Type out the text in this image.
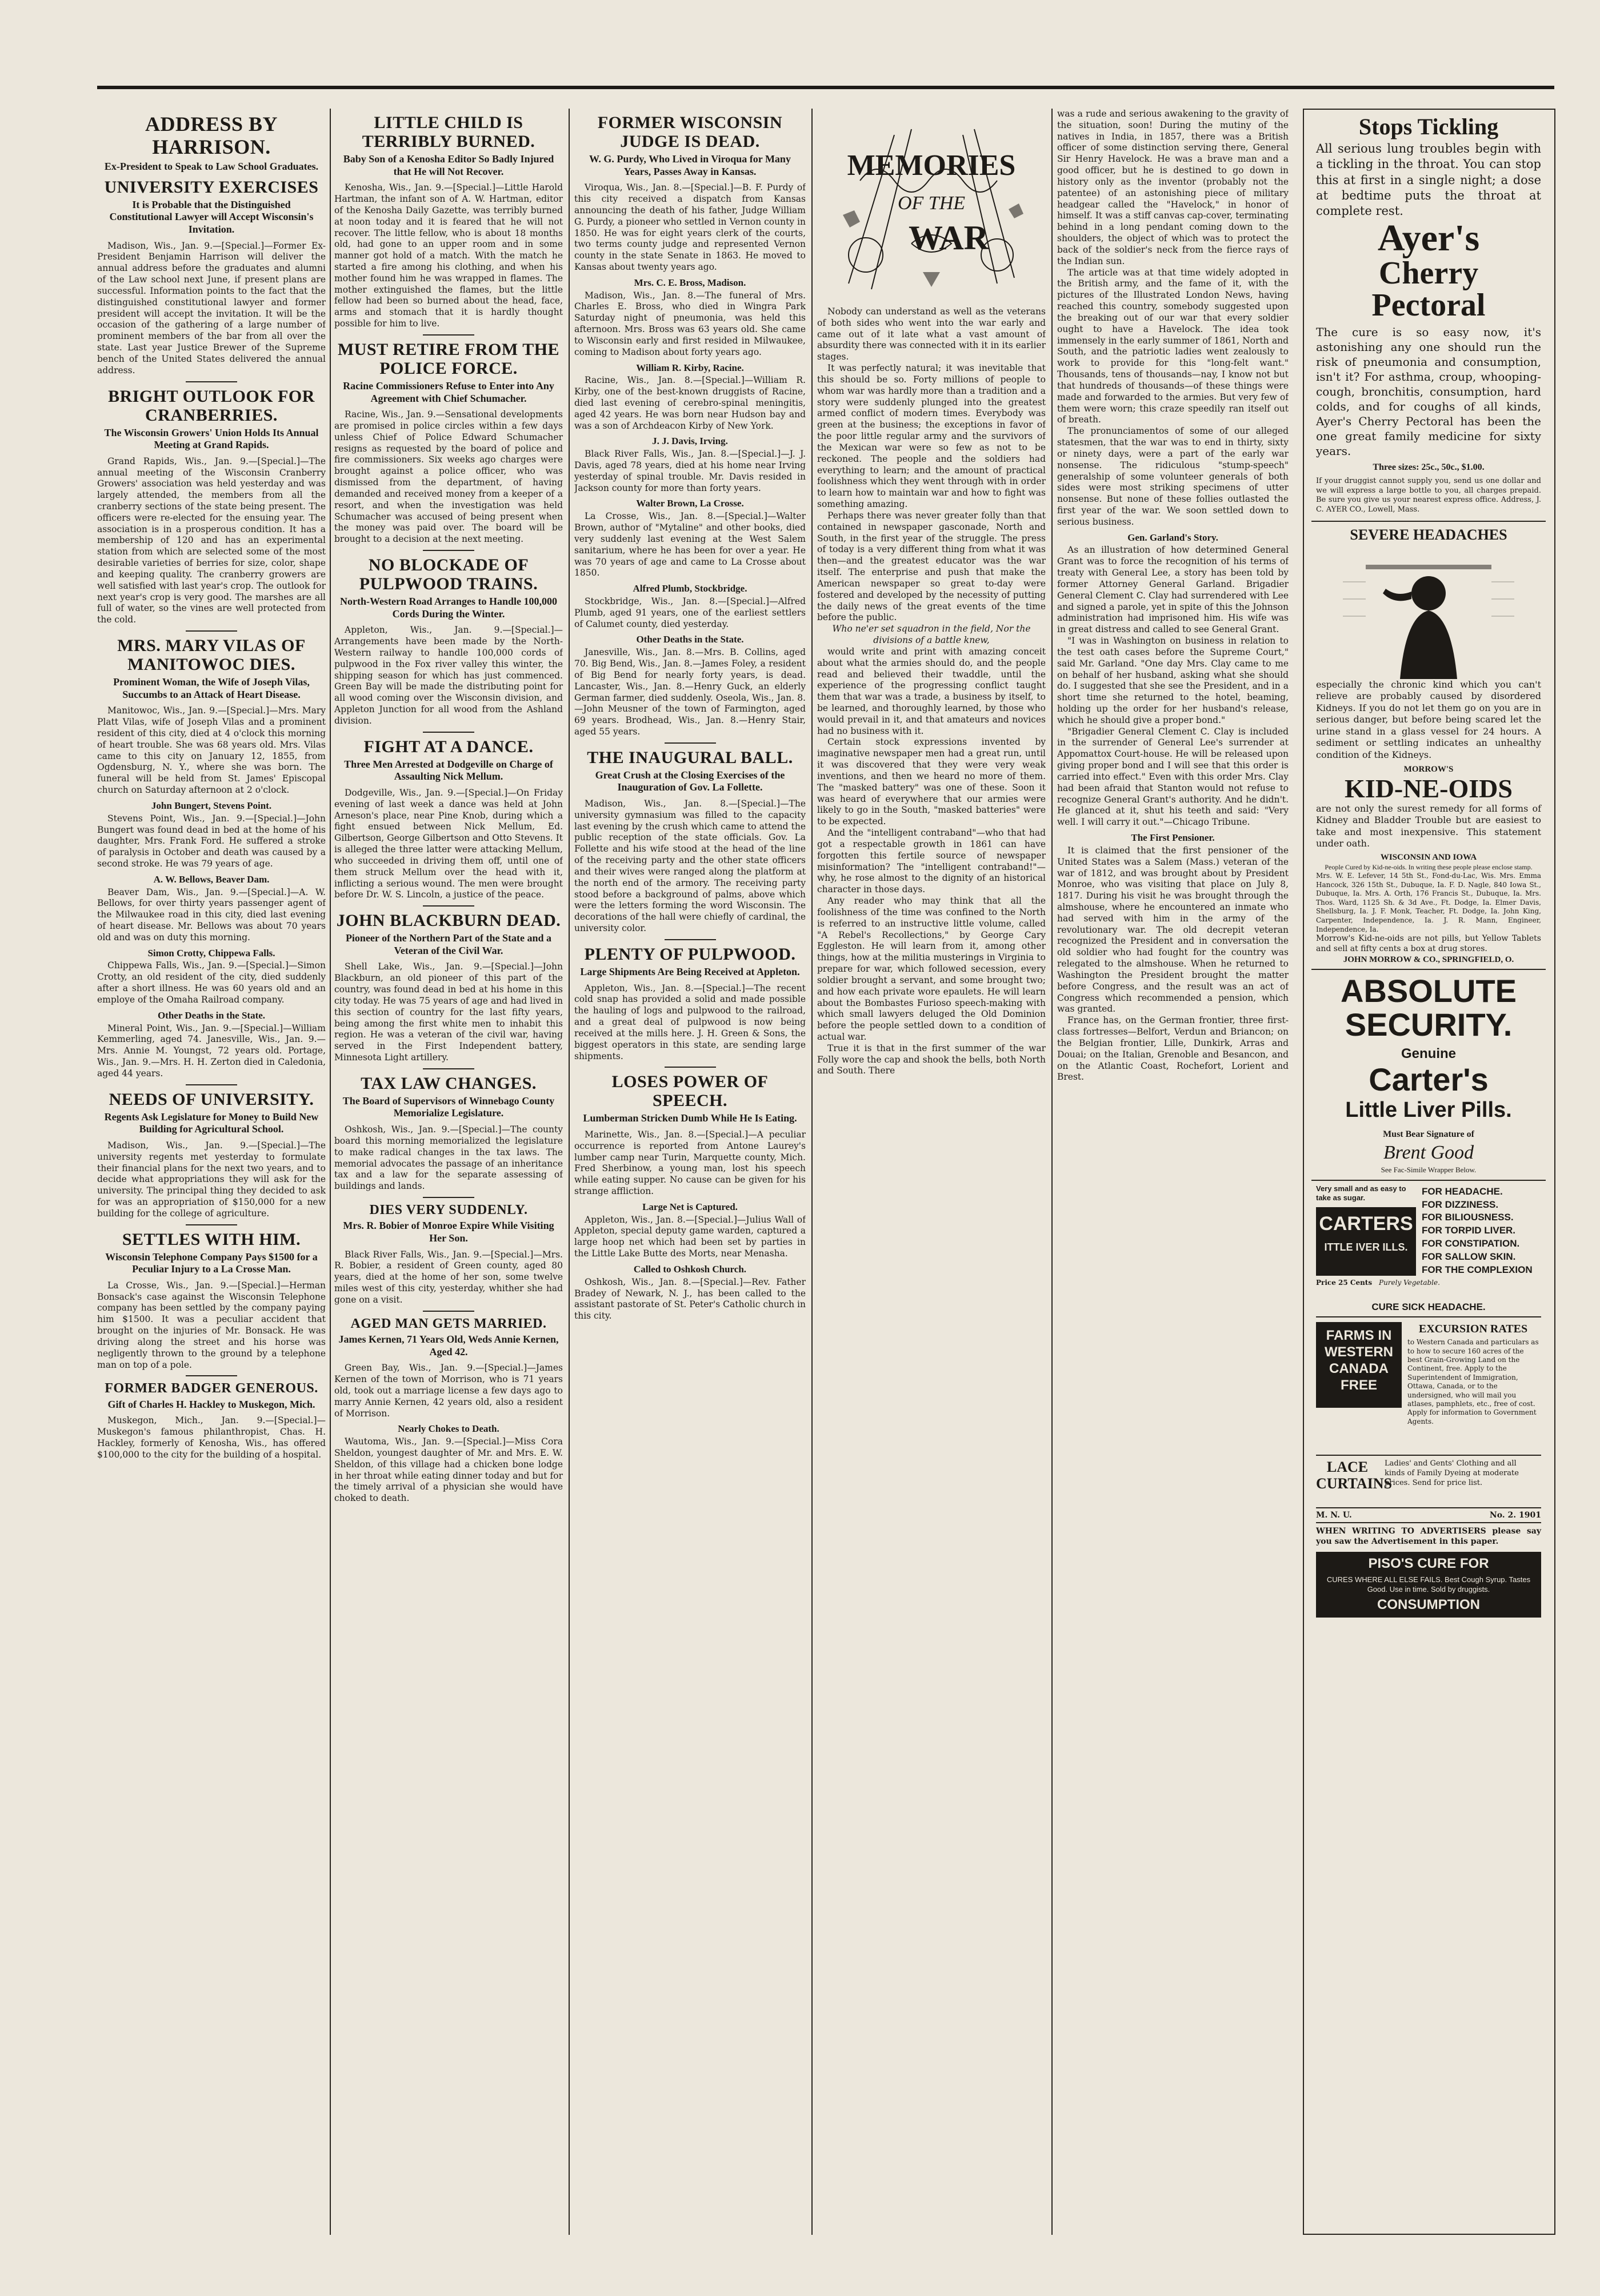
ADDRESS BY HARRISON.
Ex-President to Speak to Law School Graduates.
UNIVERSITY EXERCISES
It is Probable that the Distinguished Constitutional Lawyer will Accept Wisconsin's Invitation.

Madison, Wis., Jan. 9.—[Special.]—Former Ex-President Benjamin Harrison will deliver the annual address before the graduates and alumni of the Law school next June, if present plans are successful. Information points to the fact that the distinguished constitutional lawyer and former president will accept the invitation. It will be the occasion of the gathering of a large number of prominent members of the bar from all over the state. Last year Justice Brewer of the Supreme bench of the United States delivered the annual address.

BRIGHT OUTLOOK FOR CRANBERRIES.
The Wisconsin Growers' Union Holds Its Annual Meeting at Grand Rapids.

Grand Rapids, Wis., Jan. 9.—[Special.]—The annual meeting of the Wisconsin Cranberry Growers' association was held yesterday and was largely attended, the members from all the cranberry sections of the state being present. The officers were re-elected for the ensuing year. The association is in a prosperous condition. It has a membership of 120 and has an experimental station from which are selected some of the most desirable varieties of berries for size, color, shape and keeping quality. The cranberry growers are well satisfied with last year's crop. The outlook for next year's crop is very good. The marshes are all full of water, so the vines are well protected from the cold.

MRS. MARY VILAS OF MANITOWOC DIES.
Prominent Woman, the Wife of Joseph Vilas, Succumbs to an Attack of Heart Disease.

Manitowoc, Wis., Jan. 9.—[Special.]—Mrs. Mary Platt Vilas, wife of Joseph Vilas and a prominent resident of this city, died at 4 o'clock this morning of heart trouble. She was 68 years old. Mrs. Vilas came to this city on January 12, 1855, from Ogdensburg, N. Y., where she was born. The funeral will be held from St. James' Episcopal church on Saturday afternoon at 2 o'clock.

John Bungert, Stevens Point.

Stevens Point, Wis., Jan. 9.—[Special.]—John Bungert was found dead in bed at the home of his daughter, Mrs. Frank Ford. He suffered a stroke of paralysis in October and death was caused by a second stroke. He was 79 years of age.

A. W. Bellows, Beaver Dam.

Beaver Dam, Wis., Jan. 9.—[Special.]—A. W. Bellows, for over thirty years passenger agent of the Milwaukee road in this city, died last evening of heart disease. Mr. Bellows was about 70 years old and was on duty this morning.

Simon Crotty, Chippewa Falls.

Chippewa Falls, Wis., Jan. 9.—[Special.]—Simon Crotty, an old resident of the city, died suddenly after a short illness. He was 60 years old and an employe of the Omaha Railroad company.

Other Deaths in the State.

Mineral Point, Wis., Jan. 9.—[Special.]—William Kemmerling, aged 74. Janesville, Wis., Jan. 9.—Mrs. Annie M. Youngst, 72 years old. Portage, Wis., Jan. 9.—Mrs. H. H. Zerton died in Caledonia, aged 44 years.

NEEDS OF UNIVERSITY.
Regents Ask Legislature for Money to Build New Building for Agricultural School.

Madison, Wis., Jan. 9.—[Special.]—The university regents met yesterday to formulate their financial plans for the next two years, and to decide what appropriations they will ask for the university. The principal thing they decided to ask for was an appropriation of $150,000 for a new building for the college of agriculture.

SETTLES WITH HIM.
Wisconsin Telephone Company Pays $1500 for a Peculiar Injury to a La Crosse Man.

La Crosse, Wis., Jan. 9.—[Special.]—Herman Bonsack's case against the Wisconsin Telephone company has been settled by the company paying him $1500. It was a peculiar accident that brought on the injuries of Mr. Bonsack. He was driving along the street and his horse was negligently thrown to the ground by a telephone man on top of a pole.

FORMER BADGER GENEROUS.
Gift of Charles H. Hackley to Muskegon, Mich.

Muskegon, Mich., Jan. 9.—[Special.]—Muskegon's famous philanthropist, Chas. H. Hackley, formerly of Kenosha, Wis., has offered $100,000 to the city for the building of a hospital.

LITTLE CHILD IS TERRIBLY BURNED.
Baby Son of a Kenosha Editor So Badly Injured that He will Not Recover.

Kenosha, Wis., Jan. 9.—[Special.]—Little Harold Hartman, the infant son of A. W. Hartman, editor of the Kenosha Daily Gazette, was terribly burned at noon today and it is feared that he will not recover. The little fellow, who is about 18 months old, had gone to an upper room and in some manner got hold of a match. With the match he started a fire among his clothing, and when his mother found him he was wrapped in flames. The mother extinguished the flames, but the little fellow had been so burned about the head, face, arms and stomach that it is hardly thought possible for him to live.

MUST RETIRE FROM THE POLICE FORCE.
Racine Commissioners Refuse to Enter into Any Agreement with Chief Schumacher.

Racine, Wis., Jan. 9.—Sensational developments are promised in police circles within a few days unless Chief of Police Edward Schumacher resigns as requested by the board of police and fire commissioners. Six weeks ago charges were brought against a police officer, who was dismissed from the department, of having demanded and received money from a keeper of a resort, and when the investigation was held Schumacher was accused of being present when the money was paid over. The board will be brought to a decision at the next meeting.

NO BLOCKADE OF PULPWOOD TRAINS.
North-Western Road Arranges to Handle 100,000 Cords During the Winter.

Appleton, Wis., Jan. 9.—[Special.]—Arrangements have been made by the North-Western railway to handle 100,000 cords of pulpwood in the Fox river valley this winter, the shipping season for which has just commenced. Green Bay will be made the distributing point for all wood coming over the Wisconsin division, and Appleton Junction for all wood from the Ashland division.

FIGHT AT A DANCE.
Three Men Arrested at Dodgeville on Charge of Assaulting Nick Mellum.

Dodgeville, Wis., Jan. 9.—[Special.]—On Friday evening of last week a dance was held at John Arneson's place, near Pine Knob, during which a fight ensued between Nick Mellum, Ed. Gilbertson, George Gilbertson and Otto Stevens. It is alleged the three latter were attacking Mellum, who succeeded in driving them off, until one of them struck Mellum over the head with it, inflicting a serious wound. The men were brought before Dr. W. S. Lincoln, a justice of the peace.

JOHN BLACKBURN DEAD.
Pioneer of the Northern Part of the State and a Veteran of the Civil War.

Shell Lake, Wis., Jan. 9.—[Special.]—John Blackburn, an old pioneer of this part of the country, was found dead in bed at his home in this city today. He was 75 years of age and had lived in this section of country for the last fifty years, being among the first white men to inhabit this region. He was a veteran of the civil war, having served in the First Independent battery, Minnesota Light artillery.

TAX LAW CHANGES.
The Board of Supervisors of Winnebago County Memorialize Legislature.

Oshkosh, Wis., Jan. 9.—[Special.]—The county board this morning memorialized the legislature to make radical changes in the tax laws. The memorial advocates the passage of an inheritance tax and a law for the separate assessing of buildings and lands.

DIES VERY SUDDENLY.
Mrs. R. Bobier of Monroe Expire While Visiting Her Son.

Black River Falls, Wis., Jan. 9.—[Special.]—Mrs. R. Bobier, a resident of Green county, aged 80 years, died at the home of her son, some twelve miles west of this city, yesterday, whither she had gone on a visit.

AGED MAN GETS MARRIED.
James Kernen, 71 Years Old, Weds Annie Kernen, Aged 42.

Green Bay, Wis., Jan. 9.—[Special.]—James Kernen of the town of Morrison, who is 71 years old, took out a marriage license a few days ago to marry Annie Kernen, 42 years old, also a resident of Morrison.

Nearly Chokes to Death.

Wautoma, Wis., Jan. 9.—[Special.]—Miss Cora Sheldon, youngest daughter of Mr. and Mrs. E. W. Sheldon, of this village had a chicken bone lodge in her throat while eating dinner today and but for the timely arrival of a physician she would have choked to death.

FORMER WISCONSIN JUDGE IS DEAD.
W. G. Purdy, Who Lived in Viroqua for Many Years, Passes Away in Kansas.

Viroqua, Wis., Jan. 8.—[Special.]—B. F. Purdy of this city received a dispatch from Kansas announcing the death of his father, Judge William G. Purdy, a pioneer who settled in Vernon county in 1850. He was for eight years clerk of the courts, two terms county judge and represented Vernon county in the state Senate in 1863. He moved to Kansas about twenty years ago.

Mrs. C. E. Bross, Madison.

Madison, Wis., Jan. 8.—The funeral of Mrs. Charles E. Bross, who died in Wingra Park Saturday night of pneumonia, was held this afternoon. Mrs. Bross was 63 years old. She came to Wisconsin early and first resided in Milwaukee, coming to Madison about forty years ago.

William R. Kirby, Racine.

Racine, Wis., Jan. 8.—[Special.]—William R. Kirby, one of the best-known druggists of Racine, died last evening of cerebro-spinal meningitis, aged 42 years. He was born near Hudson bay and was a son of Archdeacon Kirby of New York.

J. J. Davis, Irving.

Black River Falls, Wis., Jan. 8.—[Special.]—J. J. Davis, aged 78 years, died at his home near Irving yesterday of spinal trouble. Mr. Davis resided in Jackson county for more than forty years.

Walter Brown, La Crosse.

La Crosse, Wis., Jan. 8.—[Special.]—Walter Brown, author of "Mytaline" and other books, died very suddenly last evening at the West Salem sanitarium, where he has been for over a year. He was 70 years of age and came to La Crosse about 1850.

Alfred Plumb, Stockbridge.

Stockbridge, Wis., Jan. 8.—[Special.]—Alfred Plumb, aged 91 years, one of the earliest settlers of Calumet county, died yesterday.

Other Deaths in the State.

Janesville, Wis., Jan. 8.—Mrs. B. Collins, aged 70. Big Bend, Wis., Jan. 8.—James Foley, a resident of Big Bend for nearly forty years, is dead. Lancaster, Wis., Jan. 8.—Henry Guck, an elderly German farmer, died suddenly. Oseola, Wis., Jan. 8.—John Meusner of the town of Farmington, aged 69 years. Brodhead, Wis., Jan. 8.—Henry Stair, aged 55 years.

THE INAUGURAL BALL.
Great Crush at the Closing Exercises of the Inauguration of Gov. La Follette.

Madison, Wis., Jan. 8.—[Special.]—The university gymnasium was filled to the capacity last evening by the crush which came to attend the public reception of the state officials. Gov. La Follette and his wife stood at the head of the line of the receiving party and the other state officers and their wives were ranged along the platform at the north end of the armory. The receiving party stood before a background of palms, above which were the letters forming the word Wisconsin. The decorations of the hall were chiefly of cardinal, the university color.

PLENTY OF PULPWOOD.
Large Shipments Are Being Received at Appleton.

Appleton, Wis., Jan. 8.—[Special.]—The recent cold snap has provided a solid and made possible the hauling of logs and pulpwood to the railroad, and a great deal of pulpwood is now being received at the mills here. J. H. Green & Sons, the biggest operators in this state, are sending large shipments.

LOSES POWER OF SPEECH.
Lumberman Stricken Dumb While He Is Eating.

Marinette, Wis., Jan. 8.—[Special.]—A peculiar occurrence is reported from Antone Laurey's lumber camp near Turin, Marquette county, Mich. Fred Sherbinow, a young man, lost his speech while eating supper. No cause can be given for his strange affliction.

Large Net is Captured.

Appleton, Wis., Jan. 8.—[Special.]—Julius Wall of Appleton, special deputy game warden, captured a large hoop net which had been set by parties in the Little Lake Butte des Morts, near Menasha.

Called to Oshkosh Church.

Oshkosh, Wis., Jan. 8.—[Special.]—Rev. Father Bradey of Newark, N. J., has been called to the assistant pastorate of St. Peter's Catholic church in this city.

MEMORIES
OF THE
WAR

Nobody can understand as well as the veterans of both sides who went into the war early and came out of it late what a vast amount of absurdity there was connected with it in its earlier stages.

It was perfectly natural; it was inevitable that this should be so. Forty millions of people to whom war was hardly more than a tradition and a story were suddenly plunged into the greatest armed conflict of modern times. Everybody was green at the business; the exceptions in favor of the poor little regular army and the survivors of the Mexican war were so few as not to be reckoned. The people and the soldiers had everything to learn; and the amount of practical foolishness which they went through with in order to learn how to maintain war and how to fight was something amazing.

Perhaps there was never greater folly than that contained in newspaper gasconade, North and South, in the first year of the struggle. The press of today is a very different thing from what it was then—and the greatest educator was the war itself. The enterprise and push that make the American newspaper so great to-day were fostered and developed by the necessity of putting the daily news of the great events of the time before the public.

Who ne'er set squadron in the field, Nor the divisions of a battle knew,

would write and print with amazing conceit about what the armies should do, and the people read and believed their twaddle, until the experience of the progressing conflict taught them that war was a trade, a business by itself, to be learned, and thoroughly learned, by those who would prevail in it, and that amateurs and novices had no business with it.

Certain stock expressions invented by imaginative newspaper men had a great run, until it was discovered that they were very weak inventions, and then we heard no more of them. The "masked battery" was one of these. Soon it was heard of everywhere that our armies were likely to go in the South, "masked batteries" were to be expected.

And the "intelligent contraband"—who that had got a respectable growth in 1861 can have forgotten this fertile source of newspaper misinformation? The "intelligent contraband!"—why, he rose almost to the dignity of an historical character in those days.

Any reader who may think that all the foolishness of the time was confined to the North is referred to an instructive little volume, called "A Rebel's Recollections," by George Cary Eggleston. He will learn from it, among other things, how at the militia musterings in Virginia to prepare for war, which followed secession, every soldier brought a servant, and some brought two; and how each private wore epaulets. He will learn about the Bombastes Furioso speech-making with which small lawyers deluged the Old Dominion before the people settled down to a condition of actual war.

True it is that in the first summer of the war Folly wore the cap and shook the bells, both North and South. There

was a rude and serious awakening to the gravity of the situation, soon! During the mutiny of the natives in India, in 1857, there was a British officer of some distinction serving there, General Sir Henry Havelock. He was a brave man and a good officer, but he is destined to go down in history only as the inventor (probably not the patentee) of an astonishing piece of military headgear called the "Havelock," in honor of himself. It was a stiff canvas cap-cover, terminating behind in a long pendant coming down to the shoulders, the object of which was to protect the back of the soldier's neck from the fierce rays of the Indian sun.

The article was at that time widely adopted in the British army, and the fame of it, with the pictures of the Illustrated London News, having reached this country, somebody suggested upon the breaking out of our war that every soldier ought to have a Havelock. The idea took immensely in the early summer of 1861, North and South, and the patriotic ladies went zealously to work to provide for this "long-felt want." Thousands, tens of thousands—nay, I know not but that hundreds of thousands—of these things were made and forwarded to the armies. But very few of them were worn; this craze speedily ran itself out of breath.

The pronunciamentos of some of our alleged statesmen, that the war was to end in thirty, sixty or ninety days, were a part of the early war nonsense. The ridiculous "stump-speech" generalship of some volunteer generals of both sides were most striking specimens of utter nonsense. But none of these follies outlasted the first year of the war. We soon settled down to serious business.

Gen. Garland's Story.

As an illustration of how determined General Grant was to force the recognition of his terms of treaty with General Lee, a story has been told by former Attorney General Garland. Brigadier General Clement C. Clay had surrendered with Lee and signed a parole, yet in spite of this the Johnson administration had imprisoned him. His wife was in great distress and called to see General Grant.

"I was in Washington on business in relation to the test oath cases before the Supreme Court," said Mr. Garland. "One day Mrs. Clay came to me on behalf of her husband, asking what she should do. I suggested that she see the President, and in a short time she returned to the hotel, beaming, holding up the order for her husband's release, which he should give a proper bond."

"Brigadier General Clement C. Clay is included in the surrender of General Lee's surrender at Appomattox Court-house. He will be released upon giving proper bond and I will see that this order is carried into effect." Even with this order Mrs. Clay had been afraid that Stanton would not refuse to recognize General Grant's authority. And he didn't. He glanced at it, shut his teeth and said: "Very well. I will carry it out."—Chicago Tribune.

The First Pensioner.

It is claimed that the first pensioner of the United States was a Salem (Mass.) veteran of the war of 1812, and was brought about by President Monroe, who was visiting that place on July 8, 1817. During his visit he was brought through the almshouse, where he encountered an inmate who had served with him in the army of the revolutionary war. The old decrepit veteran recognized the President and in conversation the old soldier who had fought for the country was relegated to the almshouse. When he returned to Washington the President brought the matter before Congress, and the result was an act of Congress which recommended a pension, which was granted.

France has, on the German frontier, three first-class fortresses—Belfort, Verdun and Briancon; on the Belgian frontier, Lille, Dunkirk, Arras and Douai; on the Italian, Grenoble and Besancon, and on the Atlantic Coast, Rochefort, Lorient and Brest.

Stops Tickling

All serious lung troubles begin with a tickling in the throat. You can stop this at first in a single night; a dose at bedtime puts the throat at complete rest.

Ayer's
Cherry
Pectoral

The cure is so easy now, it's astonishing any one should run the risk of pneumonia and consumption, isn't it? For asthma, croup, whooping-cough, bronchitis, consumption, hard colds, and for coughs of all kinds, Ayer's Cherry Pectoral has been the one great family medicine for sixty years.

Three sizes: 25c., 50c., $1.00.

If your druggist cannot supply you, send us one dollar and we will express a large bottle to you, all charges prepaid. Be sure you give us your nearest express office. Address, J. C. AYER CO., Lowell, Mass.

SEVERE HEADACHES

especially the chronic kind which you can't relieve are probably caused by disordered Kidneys. If you do not let them go on you are in serious danger, but before being scared let the urine stand in a glass vessel for 24 hours. A sediment or settling indicates an unhealthy condition of the Kidneys.

MORROW'S
KID-NE-OIDS

are not only the surest remedy for all forms of Kidney and Bladder Trouble but are easiest to take and most inexpensive. This statement under oath.

WISCONSIN AND IOWA
People Cured by Kid-ne-oids. In writing these people please enclose stamp.

Mrs. W. E. Lefever, 14 5th St., Fond-du-Lac, Wis. Mrs. Emma Hancock, 326 15th St., Dubuque, Ia. F. D. Nagle, 840 Iowa St., Dubuque, Ia. Mrs. A. Orth, 176 Francis St., Dubuque, Ia. Mrs. Thos. Ward, 1125 Sh. & 3d Ave., Ft. Dodge, Ia. Elmer Davis, Shellsburg, Ia. J. F. Monk, Teacher, Ft. Dodge, Ia. John King, Carpenter, Independence, Ia. J. R. Mann, Engineer, Independence, Ia.

Morrow's Kid-ne-oids are not pills, but Yellow Tablets and sell at fifty cents a box at drug stores.

JOHN MORROW & CO., SPRINGFIELD, O.
ABSOLUTE
SECURITY.
Genuine
Carter's
Little Liver Pills.
Must Bear Signature of
Brent Good
See Fac-Simile Wrapper Below.
Very small and as easy to take as sugar.
CARTERS
ITTLE IVER ILLS.
Price 25 Cents Purely Vegetable.
FOR HEADACHE.
FOR DIZZINESS.
FOR BILIOUSNESS.
FOR TORPID LIVER.
FOR CONSTIPATION.
FOR SALLOW SKIN.
FOR THE COMPLEXION
CURE SICK HEADACHE.
FARMS IN WESTERN CANADA FREE
EXCURSION RATES

to Western Canada and particulars as to how to secure 160 acres of the best Grain-Growing Land on the Continent, free. Apply to the Superintendent of Immigration, Ottawa, Canada, or to the undersigned, who will mail you atlases, pamphlets, etc., free of cost. Apply for information to Government Agents.

LACE CURTAINS

Ladies' and Gents' Clothing and all kinds of Family Dyeing at moderate prices. Send for price list.

M. N. U.	No. 2. 1901

WHEN WRITING TO ADVERTISERS please say you saw the Advertisement in this paper.

PISO'S CURE FOR
CURES WHERE ALL ELSE FAILS. Best Cough Syrup. Tastes Good. Use in time. Sold by druggists.
CONSUMPTION
